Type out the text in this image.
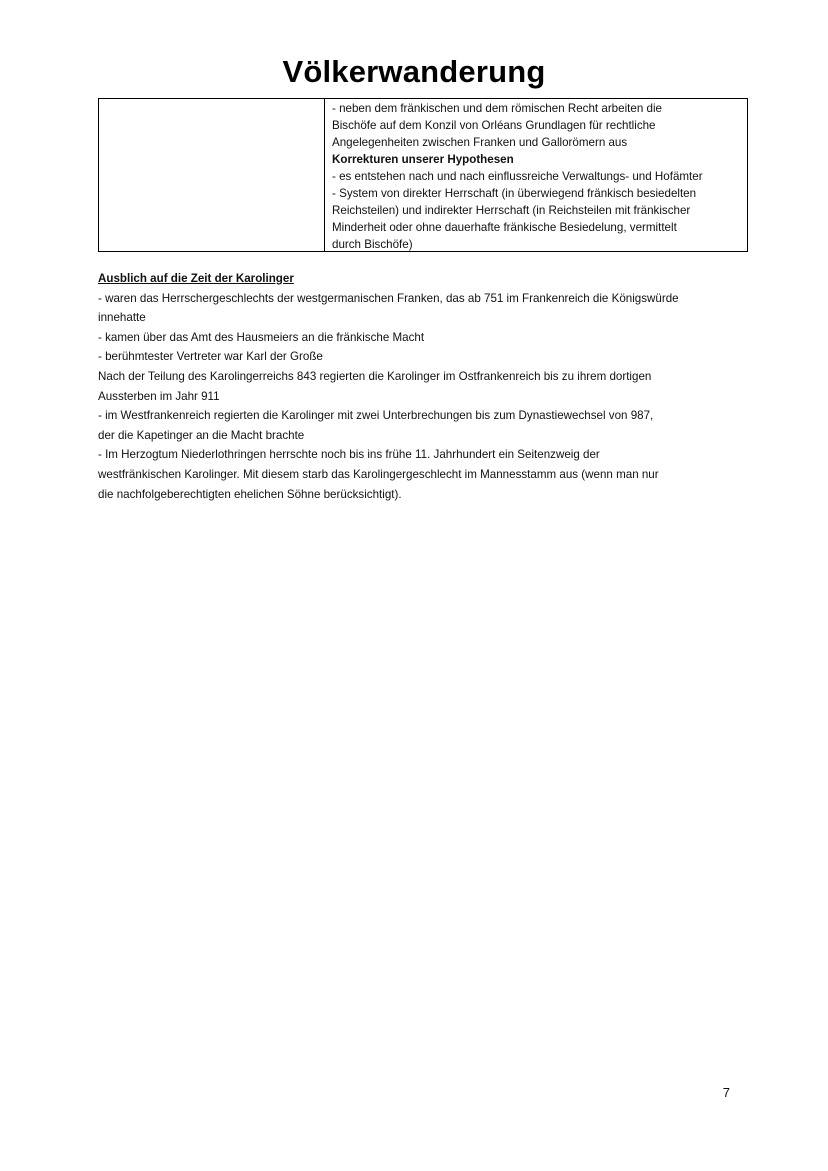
Völkerwanderung
- neben dem fränkischen und dem römischen Recht arbeiten die
Bischöfe auf dem Konzil von Orléans Grundlagen für rechtliche
Angelegenheiten zwischen Franken und Gallorömern aus
Korrekturen unserer Hypothesen
- es entstehen nach und nach einflussreiche Verwaltungs- und Hofämter
- System von direkter Herrschaft (in überwiegend fränkisch besiedelten
Reichsteilen) und indirekter Herrschaft (in Reichsteilen mit fränkischer
Minderheit oder ohne dauerhafte fränkische Besiedelung, vermittelt
durch Bischöfe)
Ausblich auf die Zeit der Karolinger
- waren das Herrschergeschlechts der westgermanischen Franken, das ab 751 im Frankenreich die Königswürde
innehatte
- kamen über das Amt des Hausmeiers an die fränkische Macht
- berühmtester Vertreter war Karl der Große
Nach der Teilung des Karolingerreichs 843 regierten die Karolinger im Ostfrankenreich bis zu ihrem dortigen
Aussterben im Jahr 911
- im Westfrankenreich regierten die Karolinger mit zwei Unterbrechungen bis zum Dynastiewechsel von 987,
der die Kapetinger an die Macht brachte
- Im Herzogtum Niederlothringen herrschte noch bis ins frühe 11. Jahrhundert ein Seitenzweig der
westfränkischen Karolinger. Mit diesem starb das Karolingergeschlecht im Mannesstamm aus (wenn man nur
die nachfolgeberechtigten ehelichen Söhne berücksichtigt).
7
